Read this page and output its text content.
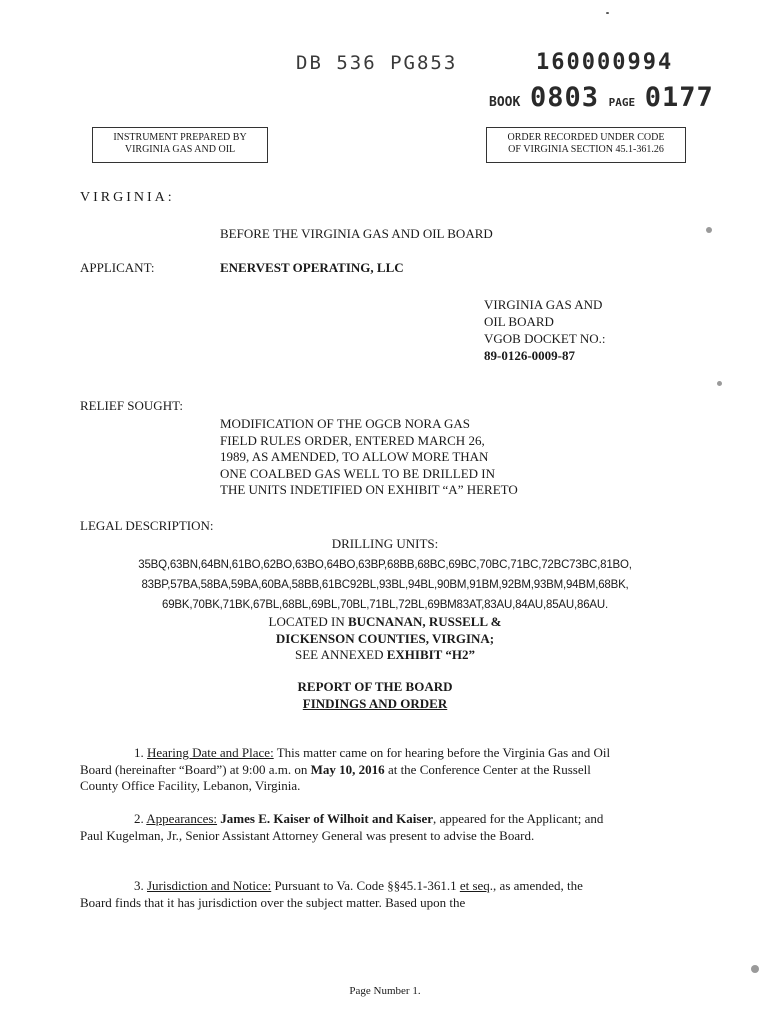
DB 536 PG853	160000994
BOOK 0803 PAGE 0177
INSTRUMENT PREPARED BY
VIRGINIA GAS AND OIL
ORDER RECORDED UNDER CODE
OF VIRGINIA SECTION 45.1-361.26
VIRGINIA:
BEFORE THE VIRGINIA GAS AND OIL BOARD
APPLICANT:	ENERVEST OPERATING, LLC
VIRGINIA GAS AND
OIL BOARD
VGOB DOCKET NO.:
89-0126-0009-87
RELIEF SOUGHT:
MODIFICATION OF THE OGCB NORA GAS
FIELD RULES ORDER, ENTERED MARCH 26,
1989, AS AMENDED, TO ALLOW MORE THAN
ONE COALBED GAS WELL TO BE DRILLED IN
THE UNITS INDETIFIED ON EXHIBIT “A” HERETO
LEGAL DESCRIPTION:
DRILLING UNITS:
35BQ,63BN,64BN,61BO,62BO,63BO,64BO,63BP,68BB,68BC,69BC,70BC,71BC,72BC73BC,81BO,
83BP,57BA,58BA,59BA,60BA,58BB,61BC92BL,93BL,94BL,90BM,91BM,92BM,93BM,94BM,68BK,
69BK,70BK,71BK,67BL,68BL,69BL,70BL,71BL,72BL,69BM83AT,83AU,84AU,85AU,86AU.
LOCATED IN BUCNANAN, RUSSELL &
DICKENSON COUNTIES, VIRGINA;
SEE ANNEXED EXHIBIT “H2”
REPORT OF THE BOARD
FINDINGS AND ORDER
1. Hearing Date and Place: This matter came on for hearing before the Virginia Gas and Oil Board (hereinafter “Board”) at 9:00 a.m. on May 10, 2016 at the Conference Center at the Russell County Office Facility, Lebanon, Virginia.
2. Appearances: James E. Kaiser of Wilhoit and Kaiser, appeared for the Applicant; and Paul Kugelman, Jr., Senior Assistant Attorney General was present to advise the Board.
3. Jurisdiction and Notice: Pursuant to Va. Code §§45.1-361.1 et seq., as amended, the Board finds that it has jurisdiction over the subject matter. Based upon the
Page Number 1.
